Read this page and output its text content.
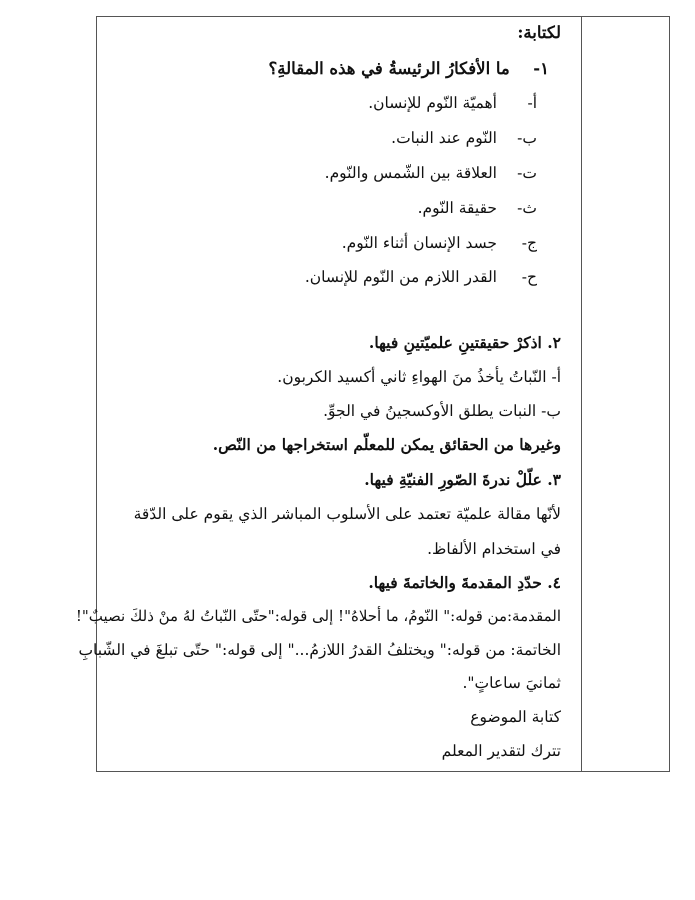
لكتابة:
١-  ما الأفكارُ الرئيسةُ في هذه المقالةِ؟
أ-أهميّة النّوم للإنسان.
ب-النّوم عند النبات.
ت-العلاقة بين الشّمس والنّوم.
ث-حقيقة النّوم.
ج-جسد الإنسان أثناء النّوم.
ح-القدر اللازم من النّوم للإنسان.
٢. اذكرْ حقيقتينِ علميّتينِ فيها.
أ- النّباتُ يأخذُ منَ الهواءِ ثاني أكسيد الكربون.
ب- النبات يطلق الأوكسجينُ في الجوِّ.
وغيرها من الحقائق يمكن للمعلّم استخراجها من النّص.
٣. علّلْ ندرةَ الصّورِ الفنيّةِ فيها.
لأنّها مقالة علميّة تعتمد على الأسلوب المباشر الذي يقوم على الدّقة
في استخدام الألفاظ.
٤. حدّدِ المقدمةَ والخاتمةَ فيها.
المقدمة:من قوله:" النّومُ، ما أحلاهُ"! إلى قوله:"حتّى النّباتُ لهُ منْ ذلكَ نصيبٌ"!
الخاتمة: من قوله:" ويختلفُ القدرُ اللازمُ..." إلى قوله:" حتّى تبلغَ في الشّبابِ
ثمانيَ ساعاتٍ".
كتابة الموضوع
تترك لتقدير المعلم
